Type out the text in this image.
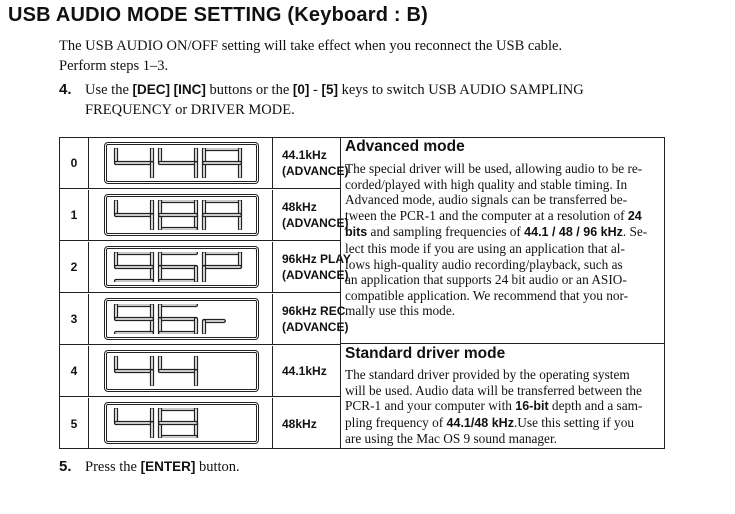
USB AUDIO MODE SETTING (Keyboard : B)
The USB AUDIO ON/OFF setting will take effect when you reconnect the USB cable.
Perform steps 1–3.
4. Use the [DEC] [INC] buttons or the [0] - [5] keys to switch USB AUDIO SAMPLING
FREQUENCY or DRIVER MODE.
0
44.1kHz
(ADVANCE)
1
48kHz
(ADVANCE)
2
96kHz PLAY
(ADVANCE)
3
96kHz REC
(ADVANCE)
4	44.1kHz
5	48kHz
Advanced mode
The special driver will be used, allowing audio to be re-
corded/played with high quality and stable timing. In
Advanced mode, audio signals can be transferred be-
tween the PCR-1 and the computer at a resolution of 24
bits and sampling frequencies of 44.1 / 48 / 96 kHz. Se-
lect this mode if you are using an application that al-
lows high-quality audio recording/playback, such as
an application that supports 24 bit audio or an ASIO-
compatible application. We recommend that you nor-
mally use this mode.
Standard driver mode
The standard driver provided by the operating system
will be used. Audio data will be transferred between the
PCR-1 and your computer with 16-bit depth and a sam-
pling frequency of 44.1/48 kHz.Use this setting if you
are using the Mac OS 9 sound manager.
5. Press the [ENTER] button.
